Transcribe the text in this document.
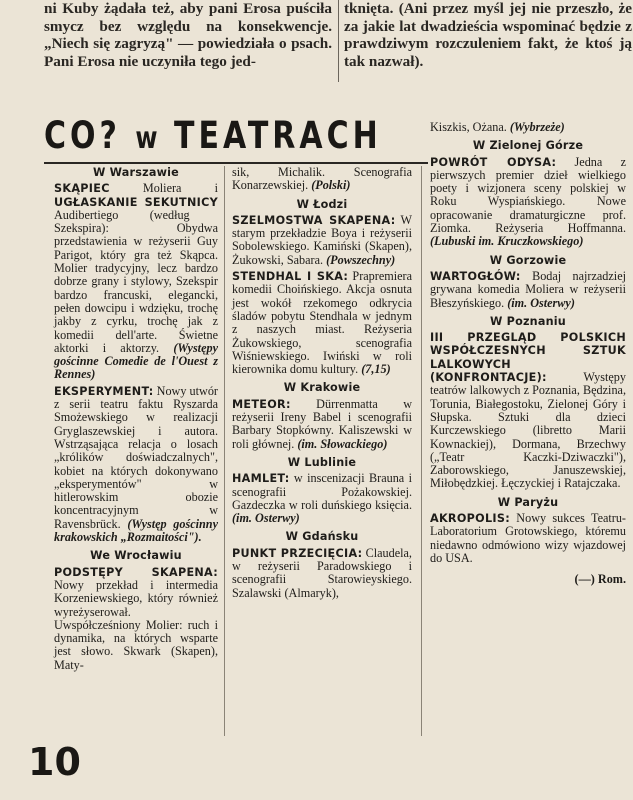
ni Kuby żądała też, aby pani Erosa puściła smycz bez względu na konsekwencje. „Niech się zagryzą" — powiedziała o psach. Pani Erosa nie uczyniła tego jed-

tknięta. (Ani przez myśl jej nie przeszło, że za jakie lat dwadzieścia wspominać będzie z prawdziwym rozczuleniem fakt, że ktoś ją tak nazwał).

CO? w TEATRACH
W Warszawie

SKĄPIEC Moliera i UGŁASKANIE SEKUTNICY Audibertiego (według Szekspira): Obydwa przedstawienia w reżyserii Guy Parigot, który gra też Skąpca. Molier tradycyjny, lecz bardzo dobrze grany i stylowy, Szekspir bardzo francuski, elegancki, pełen dowcipu i wdzięku, trochę jakby z cyrku, trochę jak z komedii dell'arte. Świetne aktorki i aktorzy. (Występy gościnne Comedie de l'Ouest z Rennes)

EKSPERYMENT: Nowy utwór z serii teatru faktu Ryszarda Smożewskiego w realizacji Gryglaszewskiej i autora. Wstrząsająca relacja o losach „królików doświadczalnych", kobiet na których dokonywano „eksperymentów" w hitlerowskim obozie koncentracyjnym w Ravensbrück. (Występ gościnny krakowskich „Rozmaitości").

We Wrocławiu

PODSTĘPY SKAPENA: Nowy przekład i intermedia Korzeniewskiego, który również wyreżyserował. Uwspółcześniony Molier: ruch i dynamika, na których wsparte jest słowo. Skwark (Skapen), Maty-

sik, Michalik. Scenografia Konarzewskiej. (Polski)

W Łodzi

SZELMOSTWA SKAPENA: W starym przekładzie Boya i reżyserii Sobolewskiego. Kamiński (Skapen), Żukowski, Sabara. (Powszechny)

STENDHAL I SKA: Prapremiera komedii Choińskiego. Akcja osnuta jest wokół rzekomego odkrycia śladów pobytu Stendhala w jednym z naszych miast. Reżyseria Żukowskiego, scenografia Wiśniewskiego. Iwiński w roli kierownika domu kultury. (7,15)

W Krakowie

METEOR: Dürrenmatta w reżyserii Ireny Babel i scenografii Barbary Stopkówny. Kaliszewski w roli głównej. (im. Słowackiego)

W Lublinie

HAMLET: w inscenizacji Brauna i scenografii Pożakowskiej. Gazdeczka w roli duńskiego księcia. (im. Osterwy)

W Gdańsku

PUNKT PRZECIĘCIA: Claudela, w reżyserii Paradowskiego i scenografii Starowieyskiego. Szalawski (Almaryk),

Kiszkis, Ożana. (Wybrzeże)

W Zielonej Górze

POWRÓT ODYSA: Jedna z pierwszych premier dzieł wielkiego poety i wizjonera sceny polskiej w Roku Wyspiańskiego. Nowe opracowanie dramaturgiczne prof. Ziomka. Reżyseria Hoffmanna. (Lubuski im. Kruczkowskiego)

W Gorzowie

WARTOGŁÓW: Bodaj najrzadziej grywana komedia Moliera w reżyserii Błeszyńskiego. (im. Osterwy)

W Poznaniu

III PRZEGLĄD POLSKICH WSPÓŁCZESNYCH SZTUK LALKOWYCH (KONFRONTACJE): Występy teatrów lalkowych z Poznania, Będzina, Torunia, Białegostoku, Zielonej Góry i Słupska. Sztuki dla dzieci Kurczewskiego (libretto Marii Kownackiej), Dormana, Brzechwy („Teatr Kaczki-Dziwaczki"), Zaborowskiego, Januszewskiej, Miłobędzkiej. Łęczyckiej i Ratajczaka.

W Paryżu

AKROPOLIS: Nowy sukces Teatru-Laboratorium Grotowskiego, któremu niedawno odmówiono wizy wjazdowej do USA.

(—) Rom.
10
